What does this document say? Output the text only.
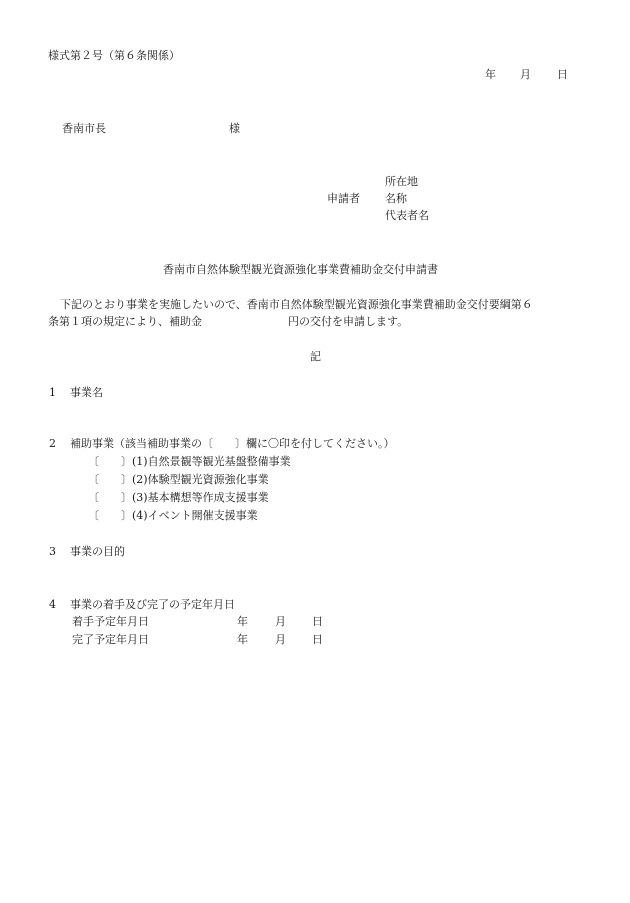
様式第２号（第６条関係）
年 月 日
香南市長	様
所在地
申請者 名称
代表者名
香南市自然体験型観光資源強化事業費補助金交付申請書
下記のとおり事業を実施したいので、香南市自然体験型観光資源強化事業費補助金交付要綱第６
条第１項の規定により、補助金	円の交付を申請します。
記
1 事業名
2 補助事業（該当補助事業の〔　　〕欄に〇印を付してください。）
〔　　〕(1)自然景観等観光基盤整備事業
〔　　〕(2)体験型観光資源強化事業
〔　　〕(3)基本構想等作成支援事業
〔　　〕(4)イベント開催支援事業
3 事業の目的
4 事業の着手及び完了の予定年月日
着手予定年月日	年 月 日
完了予定年月日	年 月 日
